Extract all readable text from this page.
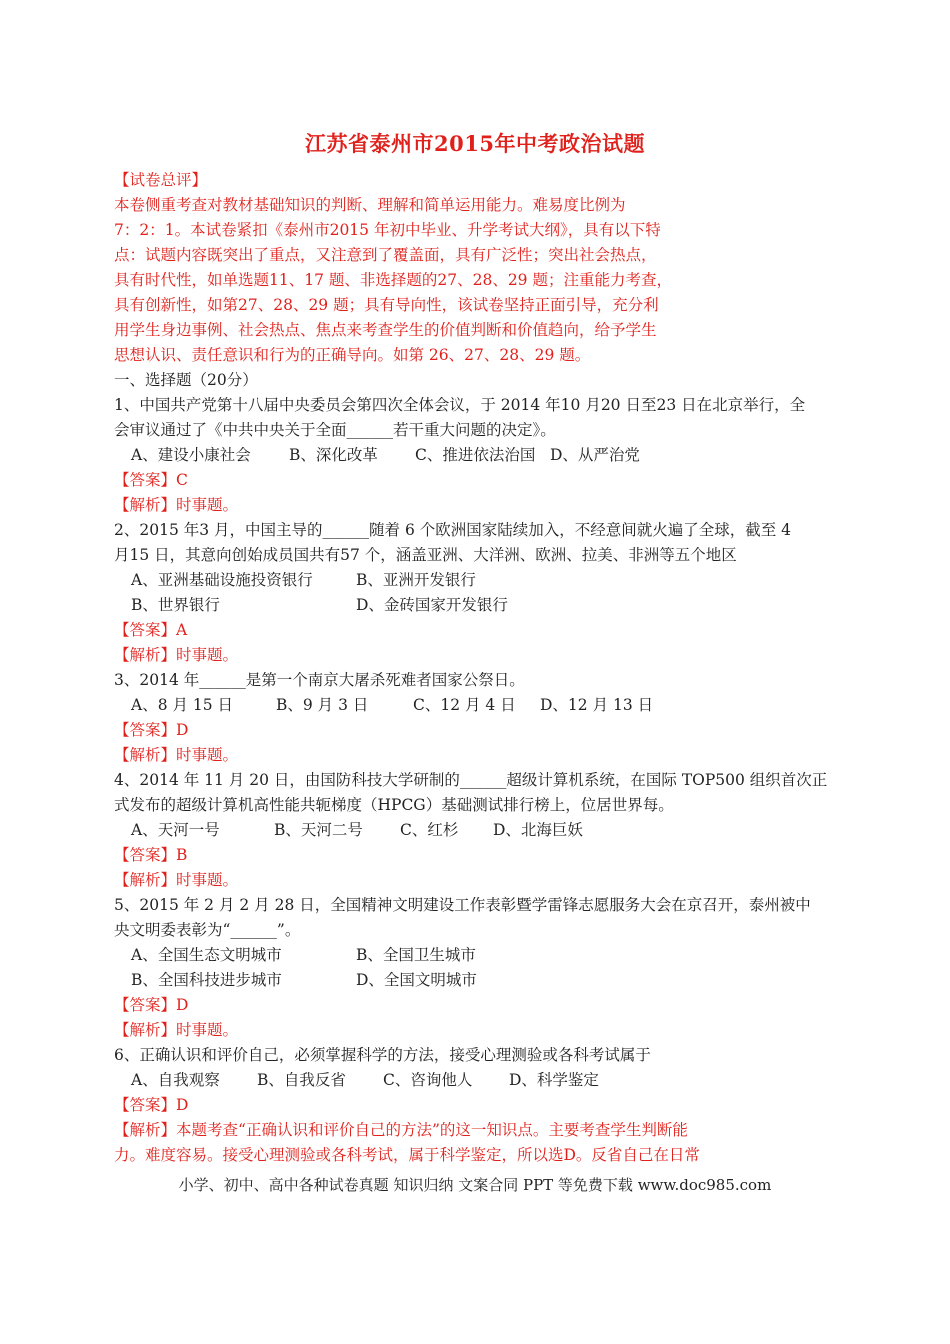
江苏省泰州市2015年中考政治试题
【试卷总评】
本卷侧重考查对教材基础知识的判断、理解和简单运用能力。难易度比例为
7：2：1。本试卷紧扣《泰州市2015 年初中毕业、升学考试大纲》，具有以下特
点：试题内容既突出了重点，又注意到了覆盖面，具有广泛性；突出社会热点，
具有时代性，如单选题11、17 题、非选择题的27、28、29 题；注重能力考查，
具有创新性，如第27、28、29 题；具有导向性，该试卷坚持正面引导，充分利
用学生身边事例、社会热点、焦点来考查学生的价值判断和价值趋向，给予学生
思想认识、责任意识和行为的正确导向。如第 26、27、28、29 题。
一、选择题（20分）
1、中国共产党第十八届中央委员会第四次全体会议，于 2014 年10 月20 日至23 日在北京举行，全
会审议通过了《中共中央关于全面______若干重大问题的决定》。
A、建设小康社会 B、深化改革 C、推进依法治国 D、从严治党
【答案】C
【解析】时事题。
2、2015 年3 月，中国主导的______随着 6 个欧洲国家陆续加入，不经意间就火遍了全球，截至 4
月15 日，其意向创始成员国共有57 个，涵盖亚洲、大洋洲、欧洲、拉美、非洲等五个地区
A、亚洲基础设施投资银行	B、亚洲开发银行
B、世界银行	D、金砖国家开发银行
【答案】A
【解析】时事题。
3、2014 年______是第一个南京大屠杀死难者国家公祭日。
A、8 月 15 日	B、9 月 3 日	C、12 月 4 日 D、12 月 13 日
【答案】D
【解析】时事题。
4、2014 年 11 月 20 日，由国防科技大学研制的______超级计算机系统，在国际 TOP500 组织首次正
式发布的超级计算机高性能共轭梯度（HPCG）基础测试排行榜上，位居世界每。
A、天河一号	B、天河二号 C、红杉 D、北海巨妖
【答案】B
【解析】时事题。
5、2015 年 2 月 2 月 28 日，全国精神文明建设工作表彰暨学雷锋志愿服务大会在京召开，泰州被中
央文明委表彰为“______”。
A、全国生态文明城市	B、全国卫生城市
B、全国科技进步城市	D、全国文明城市
【答案】D
【解析】时事题。
6、正确认识和评价自己，必须掌握科学的方法，接受心理测验或各科考试属于
A、自我观察 B、自我反省 C、咨询他人 D、科学鉴定
【答案】D
【解析】本题考查“正确认识和评价自己的方法”的这一知识点。主要考查学生判断能
力。难度容易。接受心理测验或各科考试，属于科学鉴定，所以选D。反省自己在日常
小学、初中、高中各种试卷真题 知识归纳 文案合同 PPT 等免费下载 www.doc985.com
